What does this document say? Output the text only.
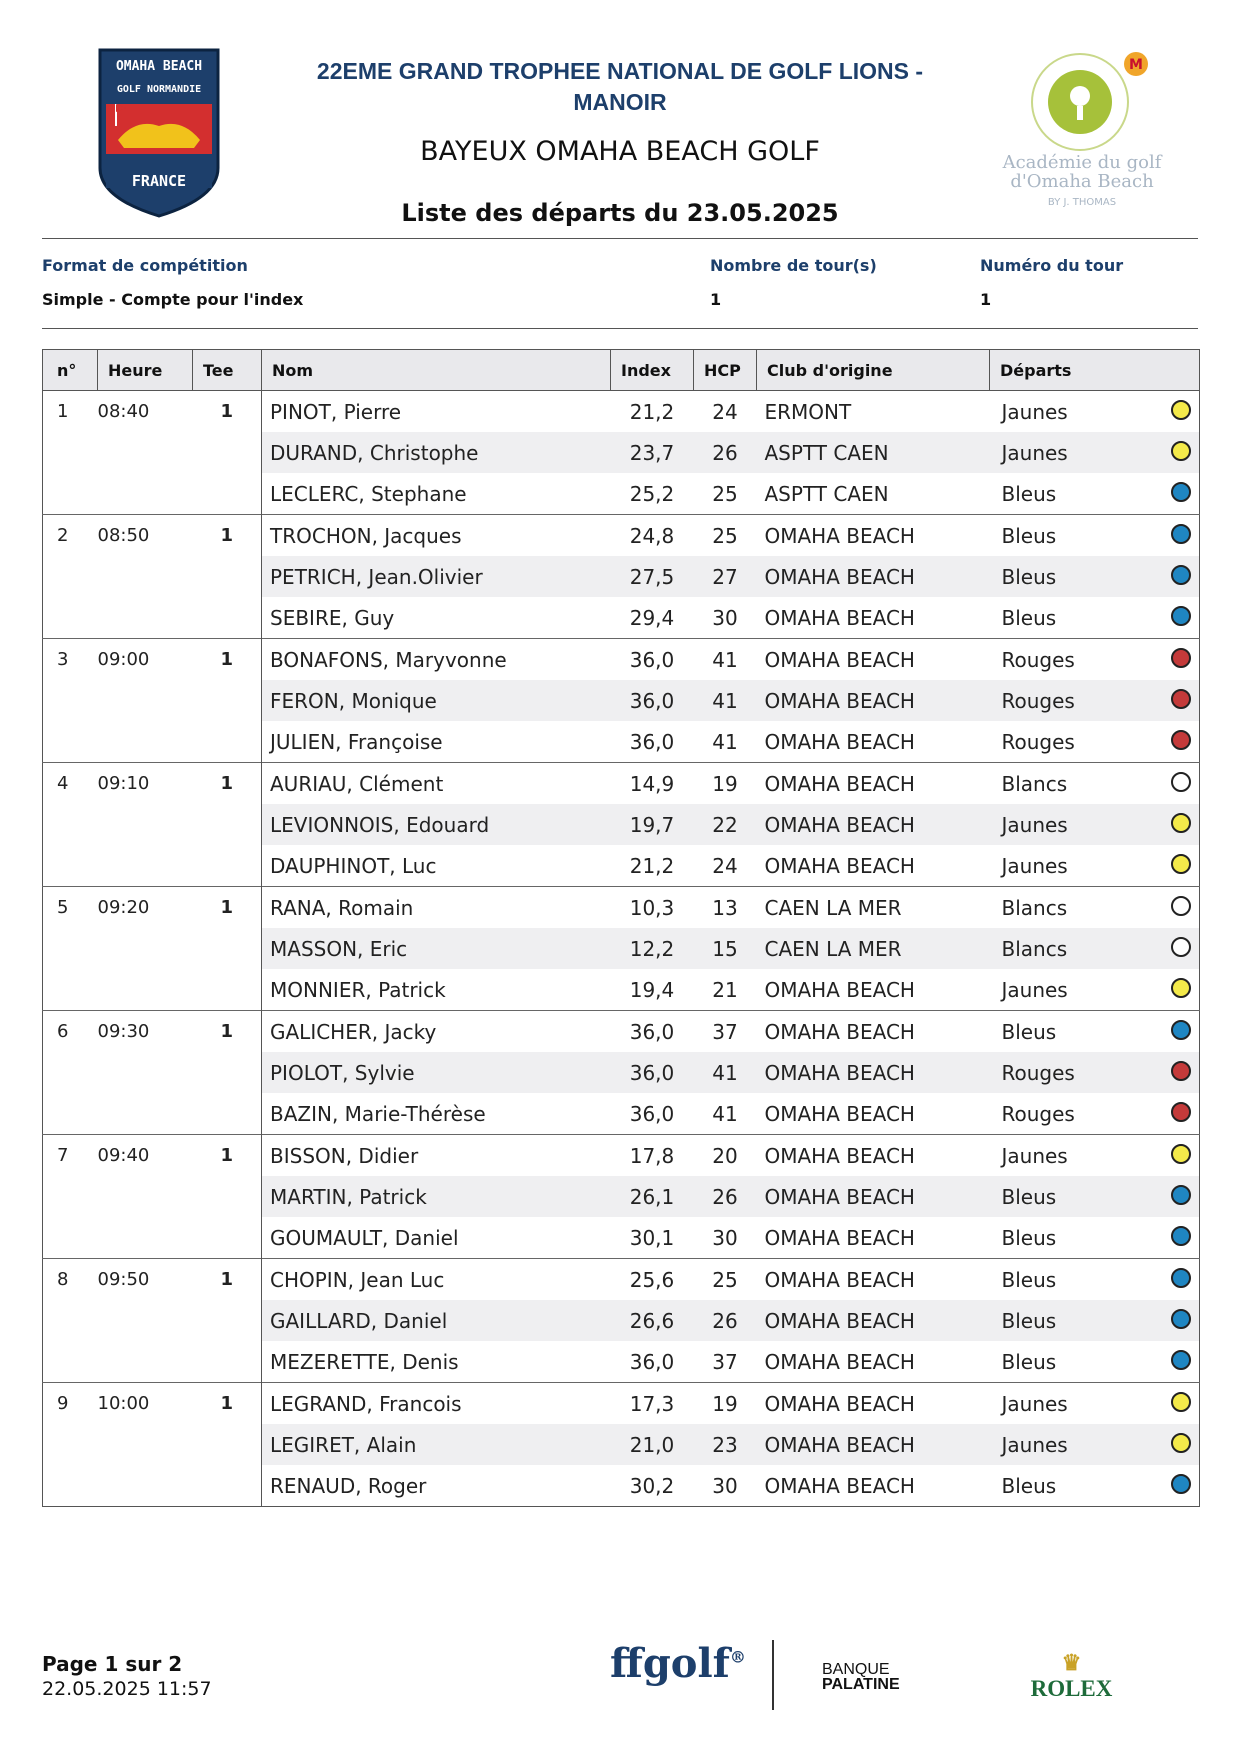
OMAHA BEACH
GOLF NORMANDIE
FRANCE
22EME GRAND TROPHEE NATIONAL DE GOLF LIONS - MANOIR
BAYEUX OMAHA BEACH GOLF
Liste des départs du 23.05.2025
M
Académie du golf
d'Omaha Beach
BY J. THOMAS
Format de compétition
Simple - Compte pour l'index
Nombre de tour(s)
1
Numéro du tour
1
n°	Heure	Tee	Nom	Index	HCP	Club d'origine	Départs
1	08:40	1	PINOT, Pierre	21,2	24	ERMONT	Jaunes

			DURAND, Christophe	23,7	26	ASPTT CAEN	Jaunes

			LECLERC, Stephane	25,2	25	ASPTT CAEN	Bleus

2	08:50	1	TROCHON, Jacques	24,8	25	OMAHA BEACH	Bleus

			PETRICH, Jean.Olivier	27,5	27	OMAHA BEACH	Bleus

			SEBIRE, Guy	29,4	30	OMAHA BEACH	Bleus

3	09:00	1	BONAFONS, Maryvonne	36,0	41	OMAHA BEACH	Rouges

			FERON, Monique	36,0	41	OMAHA BEACH	Rouges

			JULIEN, Françoise	36,0	41	OMAHA BEACH	Rouges

4	09:10	1	AURIAU, Clément	14,9	19	OMAHA BEACH	Blancs

			LEVIONNOIS, Edouard	19,7	22	OMAHA BEACH	Jaunes

			DAUPHINOT, Luc	21,2	24	OMAHA BEACH	Jaunes

5	09:20	1	RANA, Romain	10,3	13	CAEN LA MER	Blancs

			MASSON, Eric	12,2	15	CAEN LA MER	Blancs

			MONNIER, Patrick	19,4	21	OMAHA BEACH	Jaunes

6	09:30	1	GALICHER, Jacky	36,0	37	OMAHA BEACH	Bleus

			PIOLOT, Sylvie	36,0	41	OMAHA BEACH	Rouges

			BAZIN, Marie-Thérèse	36,0	41	OMAHA BEACH	Rouges

7	09:40	1	BISSON, Didier	17,8	20	OMAHA BEACH	Jaunes

			MARTIN, Patrick	26,1	26	OMAHA BEACH	Bleus

			GOUMAULT, Daniel	30,1	30	OMAHA BEACH	Bleus

8	09:50	1	CHOPIN, Jean Luc	25,6	25	OMAHA BEACH	Bleus

			GAILLARD, Daniel	26,6	26	OMAHA BEACH	Bleus

			MEZERETTE, Denis	36,0	37	OMAHA BEACH	Bleus

9	10:00	1	LEGRAND, Francois	17,3	19	OMAHA BEACH	Jaunes

			LEGIRET, Alain	21,0	23	OMAHA BEACH	Jaunes

			RENAUD, Roger	30,2	30	OMAHA BEACH	Bleus
Page 1 sur 2
22.05.2025 11:57
ffgolf®
BANQUE
PALATINE
♛
ROLEX
